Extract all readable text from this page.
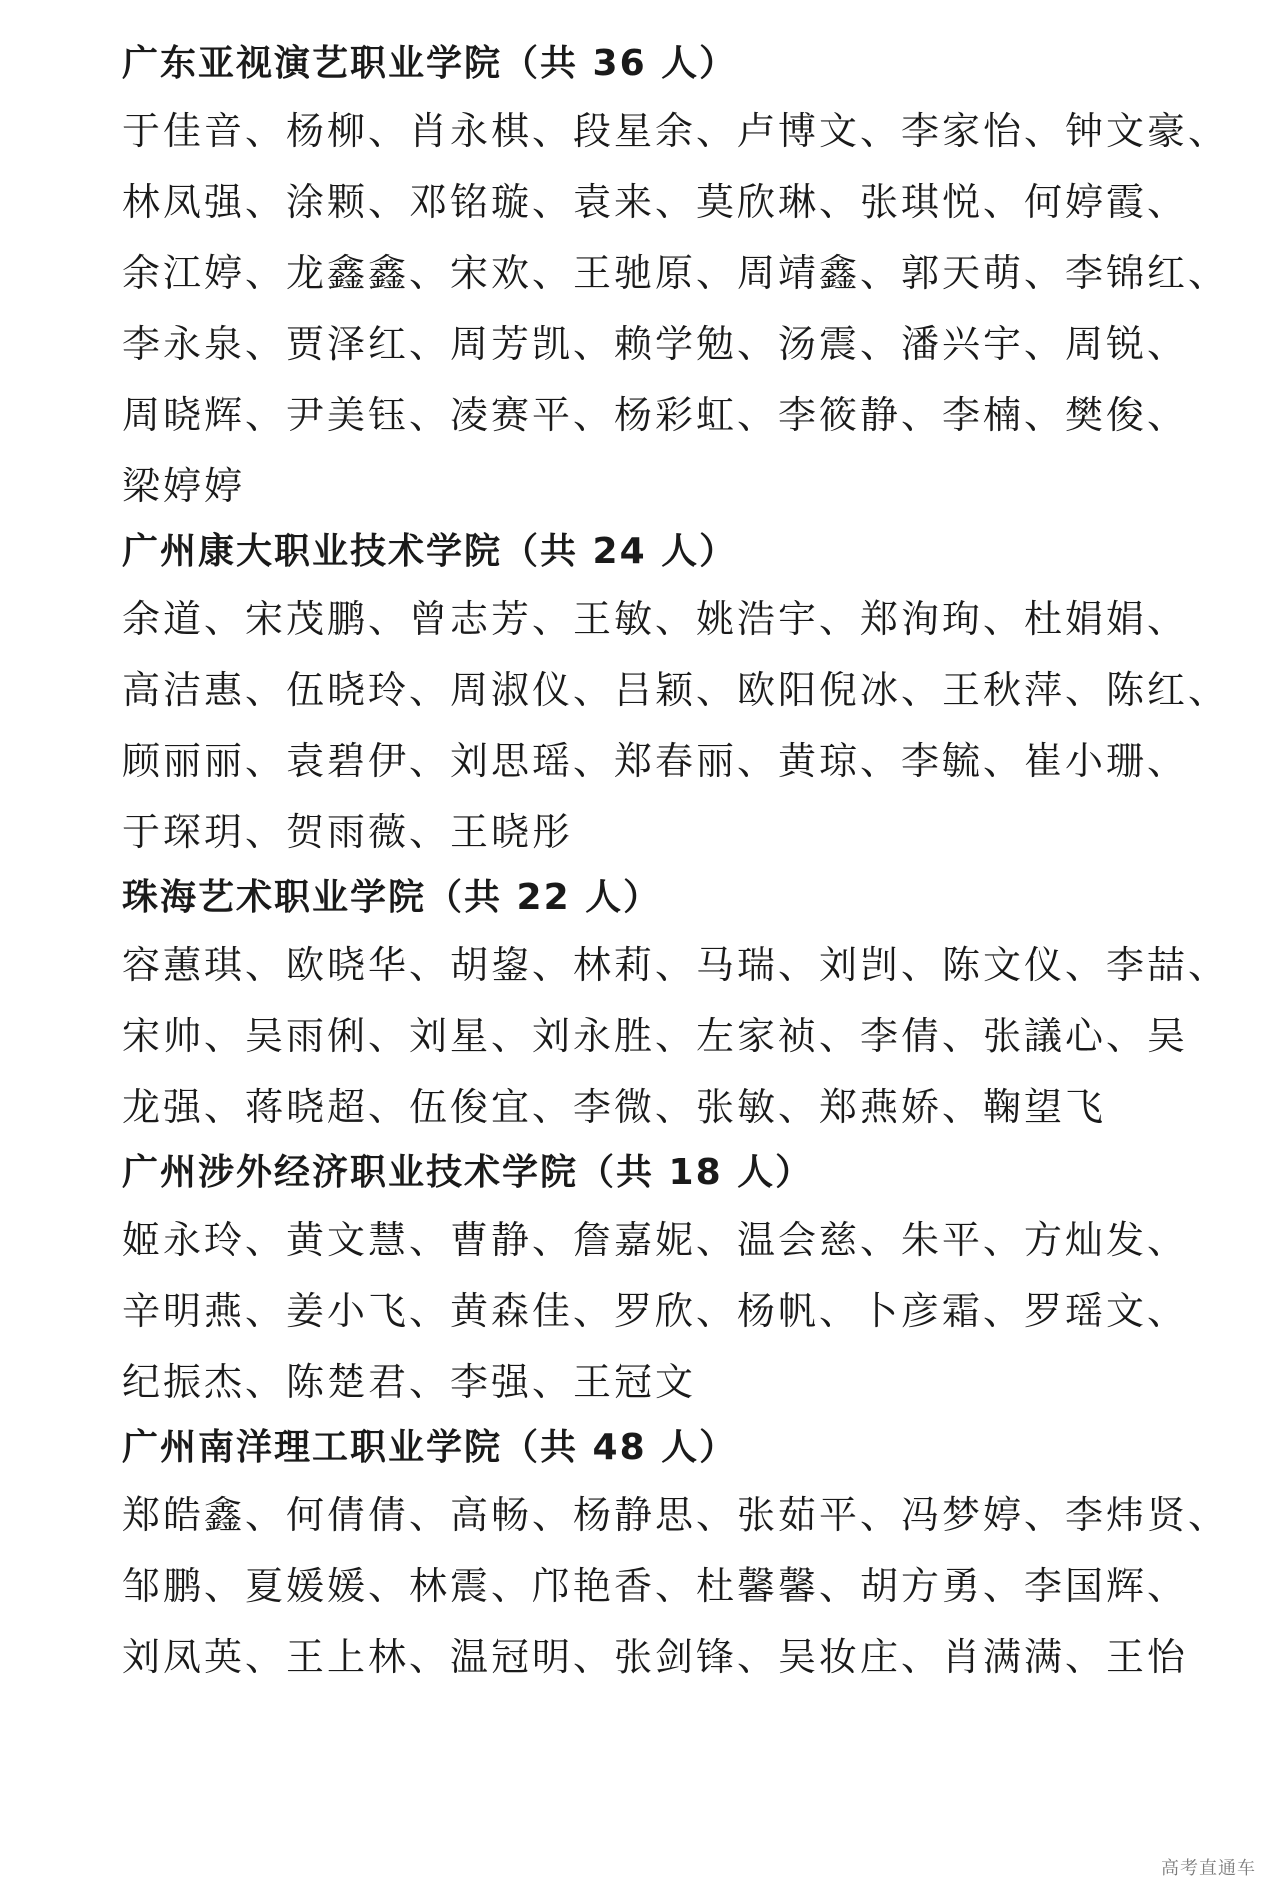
广东亚视演艺职业学院（共 36 人）
于佳音、杨柳、肖永棋、段星余、卢博文、李家怡、钟文豪、
林凤强、涂颗、邓铭璇、袁来、莫欣琳、张琪悦、何婷霞、
余江婷、龙鑫鑫、宋欢、王驰原、周靖鑫、郭天萌、李锦红、
李永泉、贾泽红、周芳凯、赖学勉、汤震、潘兴宇、周锐、
周晓辉、尹美钰、凌赛平、杨彩虹、李筱静、李楠、樊俊、
梁婷婷
广州康大职业技术学院（共 24 人）
余道、宋茂鹏、曾志芳、王敏、姚浩宇、郑洵珣、杜娟娟、
高洁惠、伍晓玲、周淑仪、吕颖、欧阳倪冰、王秋萍、陈红、
顾丽丽、袁碧伊、刘思瑶、郑春丽、黄琼、李毓、崔小珊、
于琛玥、贺雨薇、王晓彤
珠海艺术职业学院（共 22 人）
容蕙琪、欧晓华、胡鋆、林莉、马瑞、刘剀、陈文仪、李喆、
宋帅、吴雨俐、刘星、刘永胜、左家祯、李倩、张議心、吴
龙强、蒋晓超、伍俊宜、李微、张敏、郑燕娇、鞠望飞
广州涉外经济职业技术学院（共 18 人）
姬永玲、黄文慧、曹静、詹嘉妮、温会慈、朱平、方灿发、
辛明燕、姜小飞、黄森佳、罗欣、杨帆、卜彦霜、罗瑶文、
纪振杰、陈楚君、李强、王冠文
广州南洋理工职业学院（共 48 人）
郑皓鑫、何倩倩、高畅、杨静思、张茹平、冯梦婷、李炜贤、
邹鹏、夏媛媛、林震、邝艳香、杜馨馨、胡方勇、李国辉、
刘凤英、王上林、温冠明、张剑锋、吴妆庄、肖满满、王怡
高考直通车
